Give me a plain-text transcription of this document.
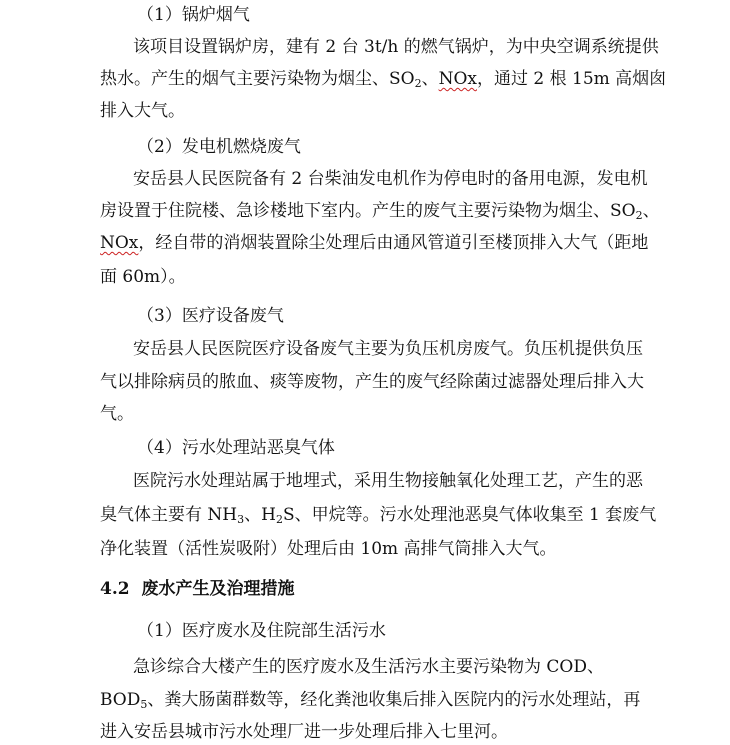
（1）锅炉烟气
该项目设置锅炉房，建有 2 台 3t/h 的燃气锅炉，为中央空调系统提供
热水。产生的烟气主要污染物为烟尘、$SO_2$、NOx，通过 2 根 15m 高烟囱
排入大气。
（2）发电机燃烧废气
安岳县人民医院备有 2 台柴油发电机作为停电时的备用电源，发电机
房设置于住院楼、急诊楼地下室内。产生的废气主要污染物为烟尘、$SO_2$、
NOx，经自带的消烟装置除尘处理后由通风管道引至楼顶排入大气（距地
面 60m）。
（3）医疗设备废气
安岳县人民医院医疗设备废气主要为负压机房废气。负压机提供负压
气以排除病员的脓血、痰等废物，产生的废气经除菌过滤器处理后排入大
气。
（4）污水处理站恶臭气体
医院污水处理站属于地埋式，采用生物接触氧化处理工艺，产生的恶
臭气体主要有 $NH_3$、$H_2S$、甲烷等。污水处理池恶臭气体收集至 1 套废气
净化装置（活性炭吸附）处理后由 10m 高排气筒排入大气。
4.2 废水产生及治理措施
（1）医疗废水及住院部生活污水
急诊综合大楼产生的医疗废水及生活污水主要污染物为 COD、
$BOD_5$、粪大肠菌群数等，经化粪池收集后排入医院内的污水处理站，再
进入安岳县城市污水处理厂进一步处理后排入七里河。
